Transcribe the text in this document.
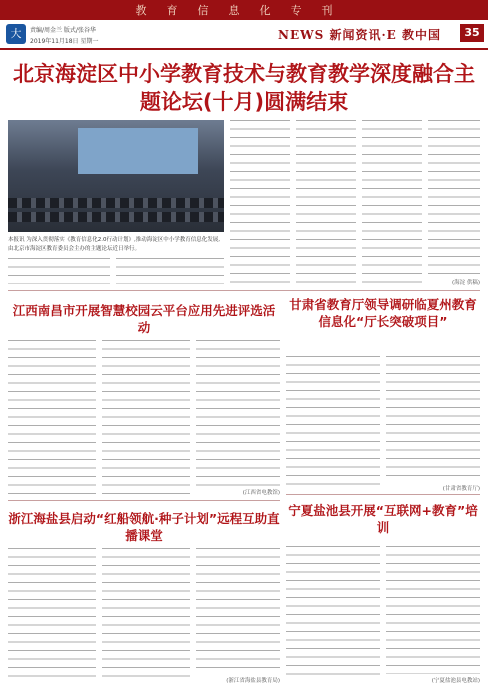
教育信息化专刊
大	责编/周金兰 版式/张谷华
2019年11月18日 星期一	NEWS 新闻资讯·E 教中国	35
北京海淀区中小学教育技术与教育教学深度融合主题论坛(十月)圆满结束
本报讯 为深入贯彻落实《教育信息化2.0行动计划》,推动海淀区中小学教育信息化发展,由北京市海淀区教育委员会主办的主题论坛近日举行。
(海淀 供稿)
江西南昌市开展智慧校园云平台应用先进评选活动
(江西省电教馆)
甘肃省教育厅领导调研临夏州教育信息化“厅长突破项目”
(甘肃省教育厅)
浙江海盐县启动“红船领航·种子计划”远程互助直播课堂
(浙江省海盐县教育局)
宁夏盐池县开展“互联网+教育”培训
(宁夏盐池县电教站)
